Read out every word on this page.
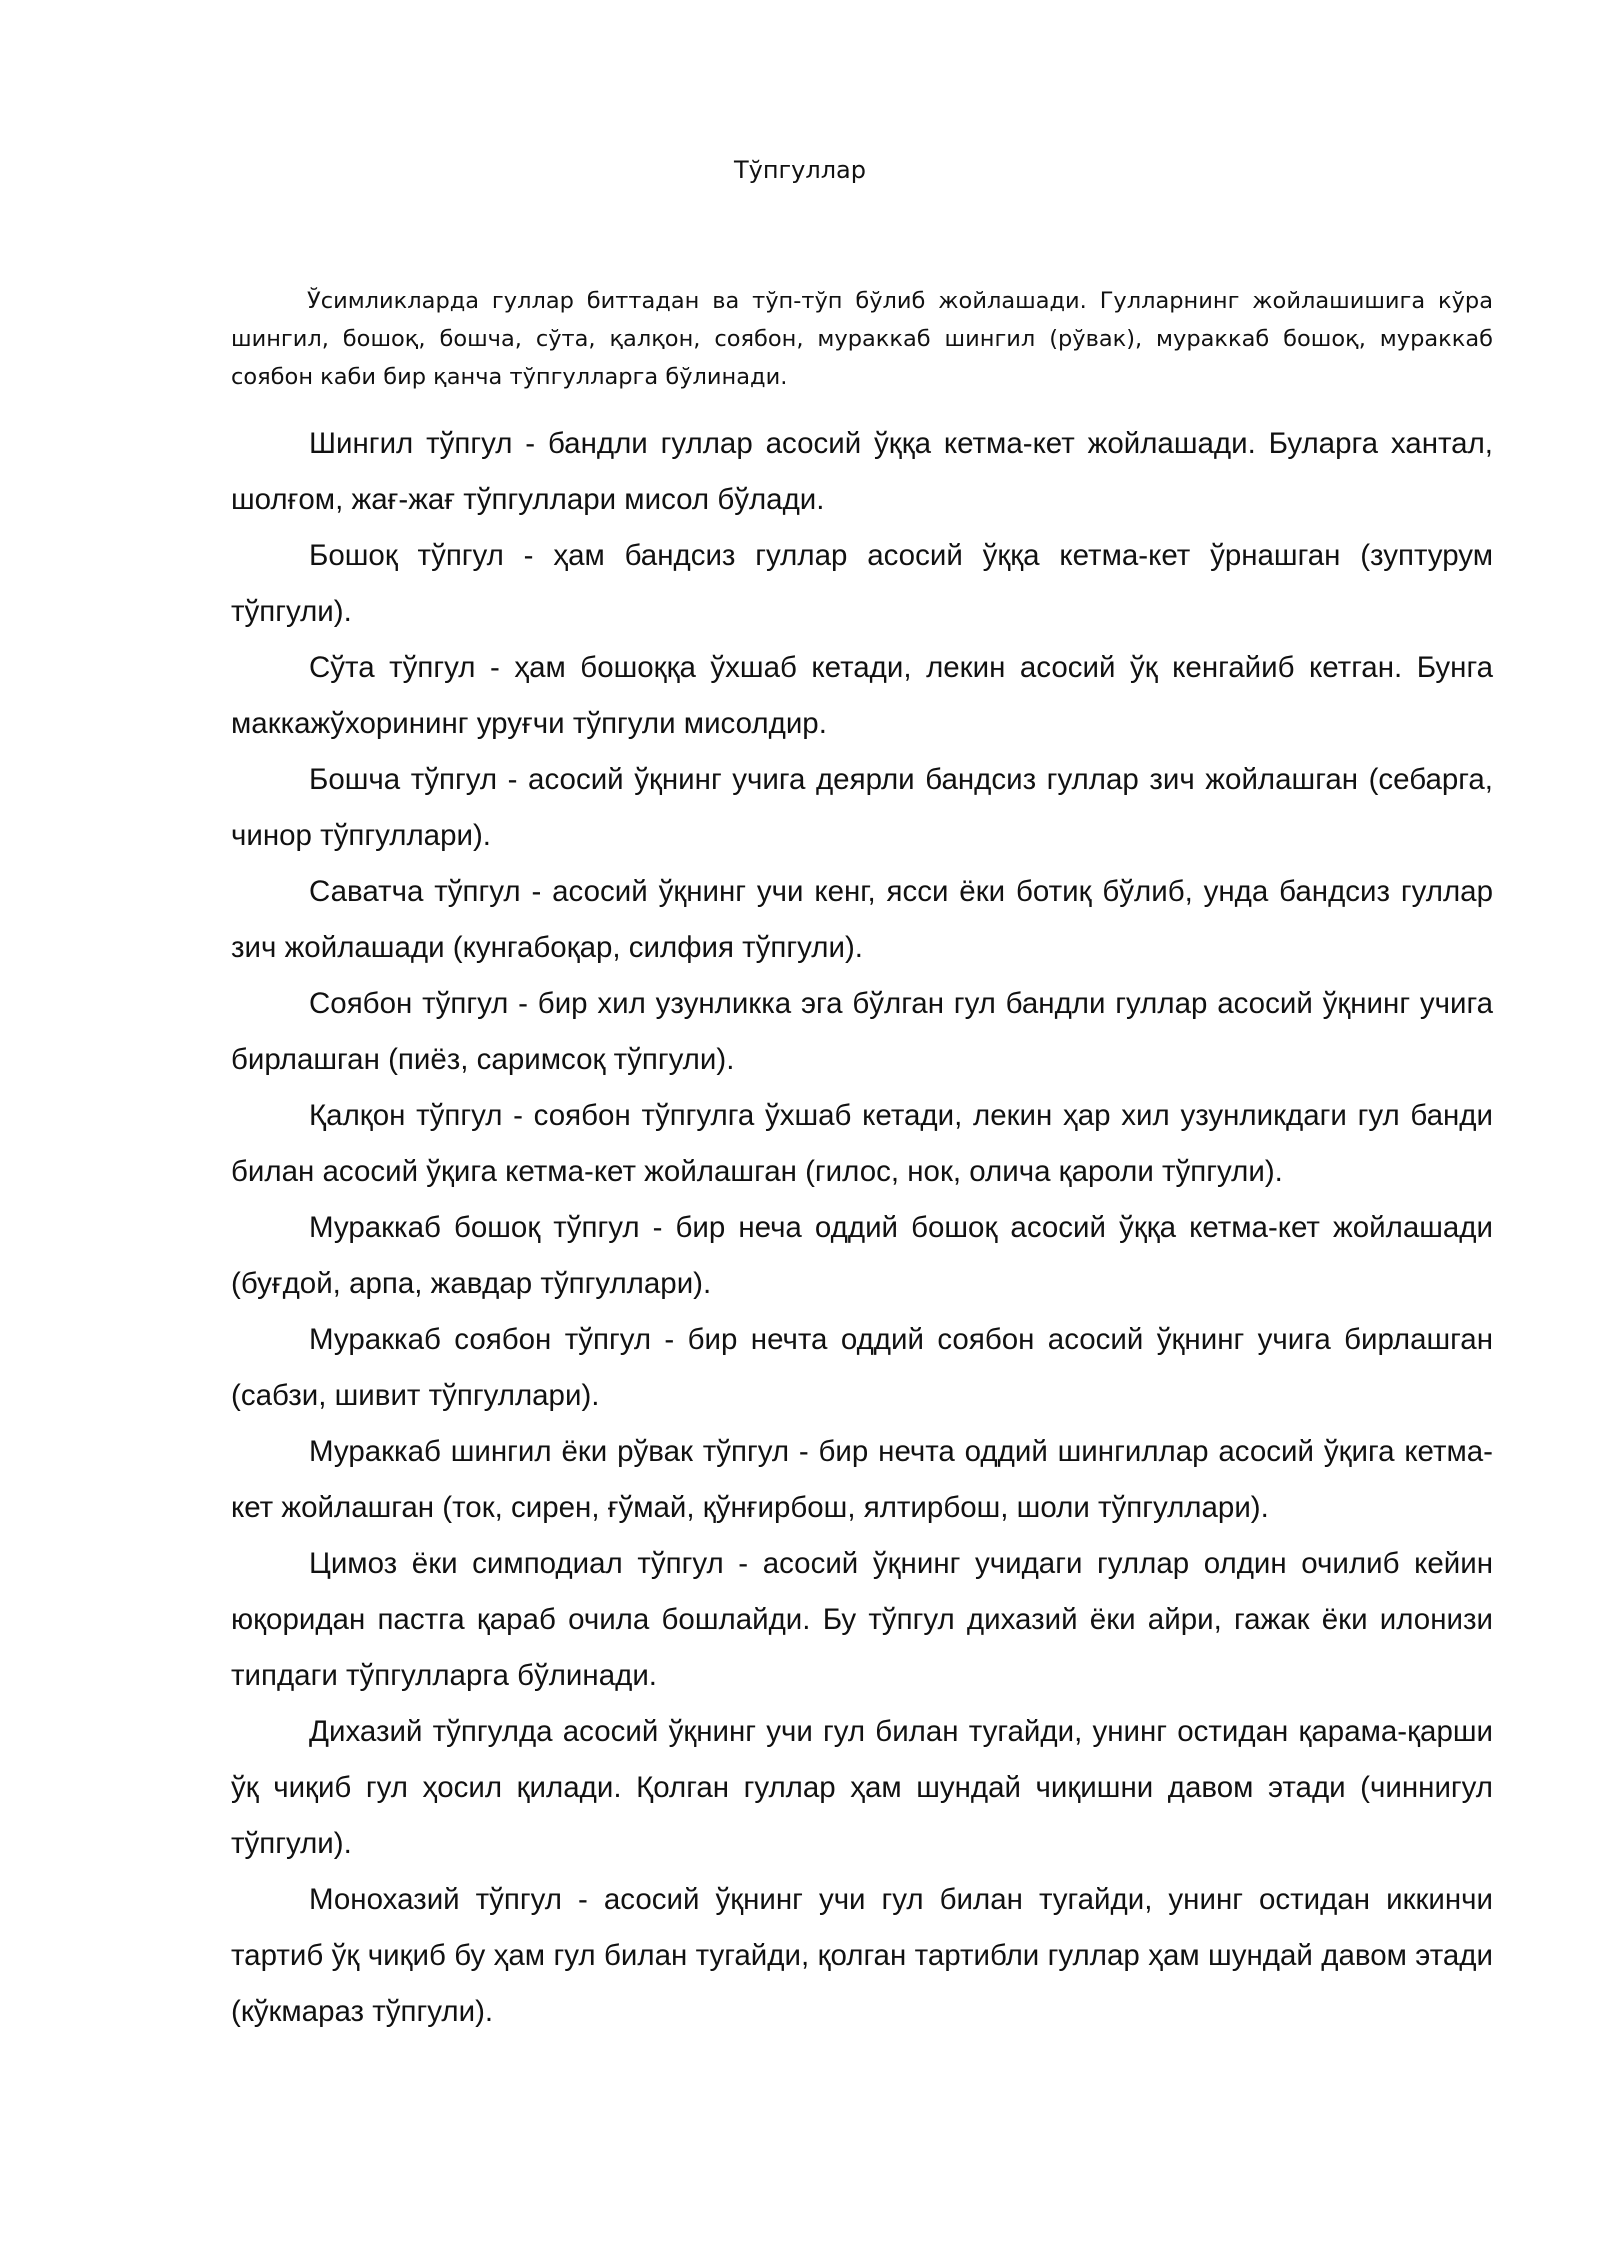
Тўпгуллар

Ўсимликларда гуллар биттадан ва тўп-тўп бўлиб жойлашади. Гулларнинг жойлашишига кўра шингил, бошоқ, бошча, сўта, қалқон, соябон, мураккаб шингил (рўвак), мураккаб бошоқ, мураккаб соябон каби бир қанча тўпгулларга бўлинади.

Шингил тўпгул - бандли гуллар асосий ўққа кетма-кет жойлашади. Буларга хантал, шолғом, жағ-жағ тўпгуллари мисол бўлади.

Бошоқ тўпгул - ҳам бандсиз гуллар асосий ўққа кетма-кет ўрнашган (зуптурум тўпгули).

Сўта тўпгул - ҳам бошоққа ўхшаб кетади, лекин асосий ўқ кенгайиб кетган. Бунга маккажўхорининг уруғчи тўпгули мисолдир.

Бошча тўпгул - асосий ўқнинг учига деярли бандсиз гуллар зич жойлашган (себарга, чинор тўпгуллари).

Саватча тўпгул - асосий ўқнинг учи кенг, ясси ёки ботиқ бўлиб, унда бандсиз гуллар зич жойлашади (кунгабоқар, силфия тўпгули).

Соябон тўпгул - бир хил узунликка эга бўлган гул бандли гуллар асосий ўқнинг учига бирлашган (пиёз, саримсоқ тўпгули).

Қалқон тўпгул - соябон тўпгулга ўхшаб кетади, лекин ҳар хил узунликдаги гул банди билан асосий ўқига кетма-кет жойлашган (гилос, нок, олича қароли тўпгули).

Мураккаб бошоқ тўпгул - бир неча оддий бошоқ асосий ўққа кетма-кет жойлашади (буғдой, арпа, жавдар тўпгуллари).

Мураккаб соябон тўпгул - бир нечта оддий соябон асосий ўқнинг учига бирлашган (сабзи, шивит тўпгуллари).

Мураккаб шингил ёки рўвак тўпгул - бир нечта оддий шингиллар асосий ўқига кетма-кет жойлашган (ток, сирен, ғўмай, қўнғирбош, ялтирбош, шоли тўпгуллари).

Цимоз ёки симподиал тўпгул - асосий ўқнинг учидаги гуллар олдин очилиб кейин юқоридан пастга қараб очила бошлайди. Бу тўпгул дихазий ёки айри, гажак ёки илонизи типдаги тўпгулларга бўлинади.

Дихазий тўпгулда асосий ўқнинг учи гул билан тугайди, унинг остидан қарама-қарши ўқ чиқиб гул ҳосил қилади. Қолган гуллар ҳам шундай чиқишни давом этади (чиннигул тўпгули).

Монохазий тўпгул - асосий ўқнинг учи гул билан тугайди, унинг остидан иккинчи тартиб ўқ чиқиб бу ҳам гул билан тугайди, қолган тартибли гуллар ҳам шундай давом этади (кўкмараз тўпгули).
